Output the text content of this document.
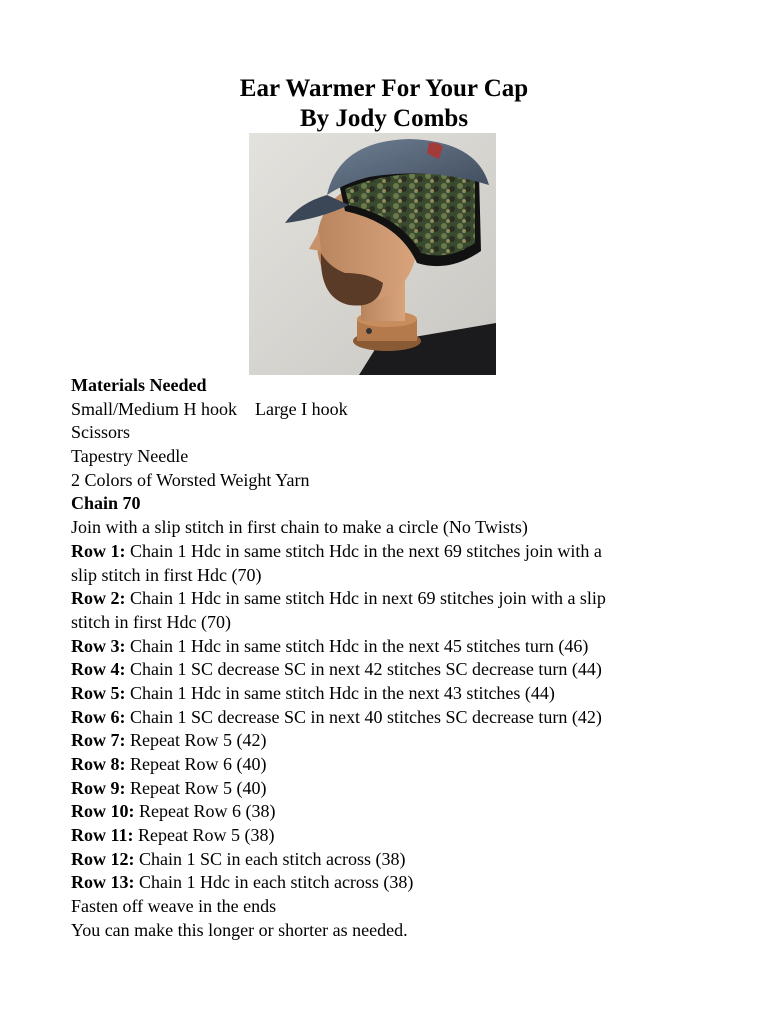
Ear Warmer For Your Cap
By Jody Combs
Materials Needed
Small/Medium H hook Large I hook
Scissors
Tapestry Needle
2 Colors of Worsted Weight Yarn
Chain 70
Join with a slip stitch in first chain to make a circle (No Twists)
Row 1: Chain 1 Hdc in same stitch Hdc in the next 69 stitches join with a
slip stitch in first Hdc (70)
Row 2: Chain 1 Hdc in same stitch Hdc in next 69 stitches join with a slip
stitch in first Hdc (70)
Row 3: Chain 1 Hdc in same stitch Hdc in the next 45 stitches turn (46)
Row 4: Chain 1 SC decrease SC in next 42 stitches SC decrease turn (44)
Row 5: Chain 1 Hdc in same stitch Hdc in the next 43 stitches (44)
Row 6: Chain 1 SC decrease SC in next 40 stitches SC decrease turn (42)
Row 7: Repeat Row 5 (42)
Row 8: Repeat Row 6 (40)
Row 9: Repeat Row 5 (40)
Row 10: Repeat Row 6 (38)
Row 11: Repeat Row 5 (38)
Row 12: Chain 1 SC in each stitch across (38)
Row 13: Chain 1 Hdc in each stitch across (38)
Fasten off weave in the ends
You can make this longer or shorter as needed.
